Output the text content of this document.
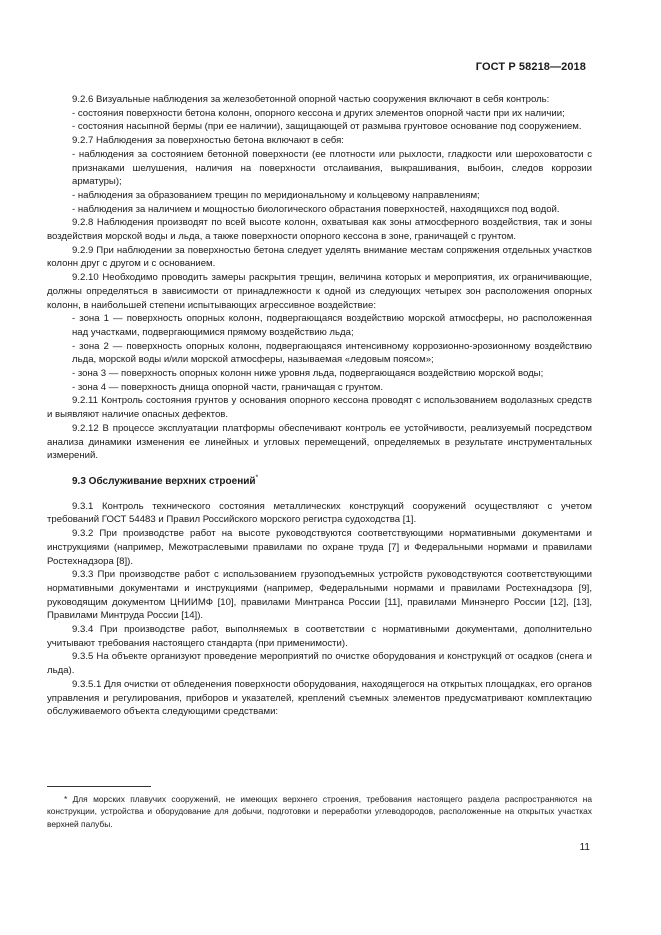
ГОСТ Р 58218—2018

9.2.6 Визуальные наблюдения за железобетонной опорной частью сооружения включают в себя контроль:

- состояния поверхности бетона колонн, опорного кессона и других элементов опорной части при их наличии;

- состояния насыпной бермы (при ее наличии), защищающей от размыва грунтовое основание под сооружением.

9.2.7 Наблюдения за поверхностью бетона включают в себя:

- наблюдения за состоянием бетонной поверхности (ее плотности или рыхлости, гладкости или шероховатости с признаками шелушения, наличия на поверхности отслаивания, выкрашивания, выбоин, следов коррозии арматуры);

- наблюдения за образованием трещин по меридиональному и кольцевому направлениям;

- наблюдения за наличием и мощностью биологического обрастания поверхностей, находящихся под водой.

9.2.8 Наблюдения производят по всей высоте колонн, охватывая как зоны атмосферного воздействия, так и зоны воздействия морской воды и льда, а также поверхности опорного кессона в зоне, граничащей с грунтом.

9.2.9 При наблюдении за поверхностью бетона следует уделять внимание местам сопряжения отдельных участков колонн друг с другом и с основанием.

9.2.10 Необходимо проводить замеры раскрытия трещин, величина которых и мероприятия, их ограничивающие, должны определяться в зависимости от принадлежности к одной из следующих четырех зон расположения опорных колонн, в наибольшей степени испытывающих агрессивное воздействие:

- зона 1 — поверхность опорных колонн, подвергающаяся воздействию морской атмосферы, но расположенная над участками, подвергающимися прямому воздействию льда;

- зона 2 — поверхность опорных колонн, подвергающаяся интенсивному коррозионно-эрозионному воздействию льда, морской воды и/или морской атмосферы, называемая «ледовым поясом»;

- зона 3 — поверхность опорных колонн ниже уровня льда, подвергающаяся воздействию морской воды;

- зона 4 — поверхность днища опорной части, граничащая с грунтом.

9.2.11 Контроль состояния грунтов у основания опорного кессона проводят с использованием водолазных средств и выявляют наличие опасных дефектов.

9.2.12 В процессе эксплуатации платформы обеспечивают контроль ее устойчивости, реализуемый посредством анализа динамики изменения ее линейных и угловых перемещений, определяемых в результате инструментальных измерений.

9.3 Обслуживание верхних строений*

9.3.1 Контроль технического состояния металлических конструкций сооружений осуществляют с учетом требований ГОСТ 54483 и Правил Российского морского регистра судоходства [1].

9.3.2 При производстве работ на высоте руководствуются соответствующими нормативными документами и инструкциями (например, Межотраслевыми правилами по охране труда [7] и Федеральными нормами и правилами Ростехнадзора [8]).

9.3.3 При производстве работ с использованием грузоподъемных устройств руководствуются соответствующими нормативными документами и инструкциями (например, Федеральными нормами и правилами Ростехнадзора [9], руководящим документом ЦНИИМФ [10], правилами Минтранса России [11], правилами Минэнерго России [12], [13], Правилами Минтруда России [14]).

9.3.4 При производстве работ, выполняемых в соответствии с нормативными документами, дополнительно учитывают требования настоящего стандарта (при применимости).

9.3.5 На объекте организуют проведение мероприятий по очистке оборудования и конструкций от осадков (снега и льда).

9.3.5.1 Для очистки от обледенения поверхности оборудования, находящегося на открытых площадках, его органов управления и регулирования, приборов и указателей, креплений съемных элементов предусматривают комплектацию обслуживаемого объекта следующими средствами:

* Для морских плавучих сооружений, не имеющих верхнего строения, требования настоящего раздела распространяются на конструкции, устройства и оборудование для добычи, подготовки и переработки углеводородов, расположенные на открытых участках верхней палубы.

11
